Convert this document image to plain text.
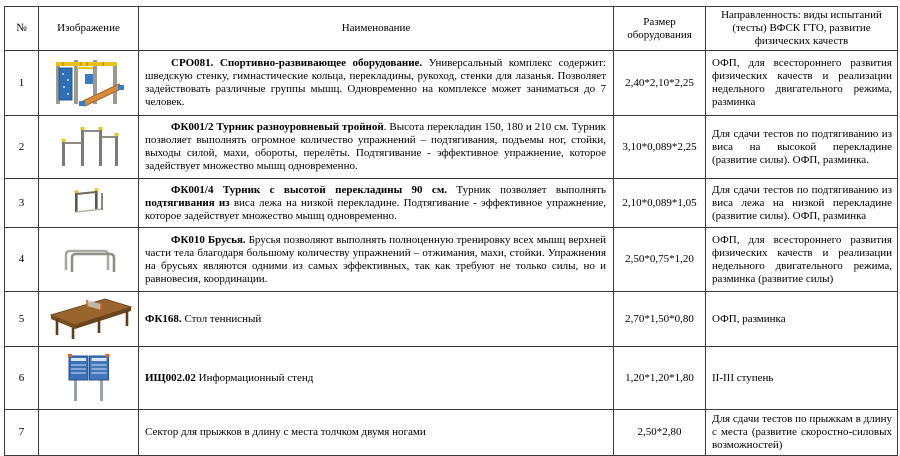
№	Изображение	Наименование	Размер оборудования	Направленность: виды испытаний (тесты) ВФСК ГТО, развитие физических качеств
1		СРО081. Спортивно-развивающее оборудование. Универсальный комплекс содержит: шведскую стенку, гимнастические кольца, перекладины, рукоход, стенки для лазанья. Позволяет задействовать различные группы мышц. Одновременно на комплексе может заниматься до 7 человек.	2,40*2,10*2,25	ОФП, для всестороннего развития физических качеств и реализации недельного двигательного режима, разминка
2		ФК001/2 Турник разноуровневый тройной. Высота перекладин 150, 180 и 210 см. Турник позволяет выполнять огромное количество упражнений – подтягивания, подъемы ног, стойки, выходы силой, махи, обороты, перелёты. Подтягивание - эффективное упражнение, которое задействует множество мышц одновременно.	3,10*0,089*2,25	Для сдачи тестов по подтягиванию из виса на высокой перекладине (развитие силы). ОФП, разминка.
3		ФК001/4 Турник с высотой перекладины 90 см. Турник позволяет выполнять подтягивания из виса лежа на низкой перекладине. Подтягивание - эффективное упражнение, которое задействует множество мышц одновременно.	2,10*0,089*1,05	Для сдачи тестов по подтягиванию из виса лежа на низкой перекладине (развитие силы). ОФП, разминка
4		ФК010 Брусья. Брусья позволяют выполнять полноценную тренировку всех мышц верхней части тела благодаря большому количеству упражнений – отжимания, махи, стойки. Упражнения на брусьях являются одними из самых эффективных, так как требуют не только силы, но и равновесия, координации.	2,50*0,75*1,20	ОФП, для всестороннего развития физических качеств и реализации недельного двигательного режима, разминка (развитие силы)
5		ФК168. Стол теннисный	2,70*1,50*0,80	ОФП, разминка
6		ИЩ002.02 Информационный стенд	1,20*1,20*1,80	II-III ступень
7		Сектор для прыжков в длину с места толчком двумя ногами	2,50*2,80	Для сдачи тестов по прыжкам в длину с места (развитие скоростно-силовых возможностей)
